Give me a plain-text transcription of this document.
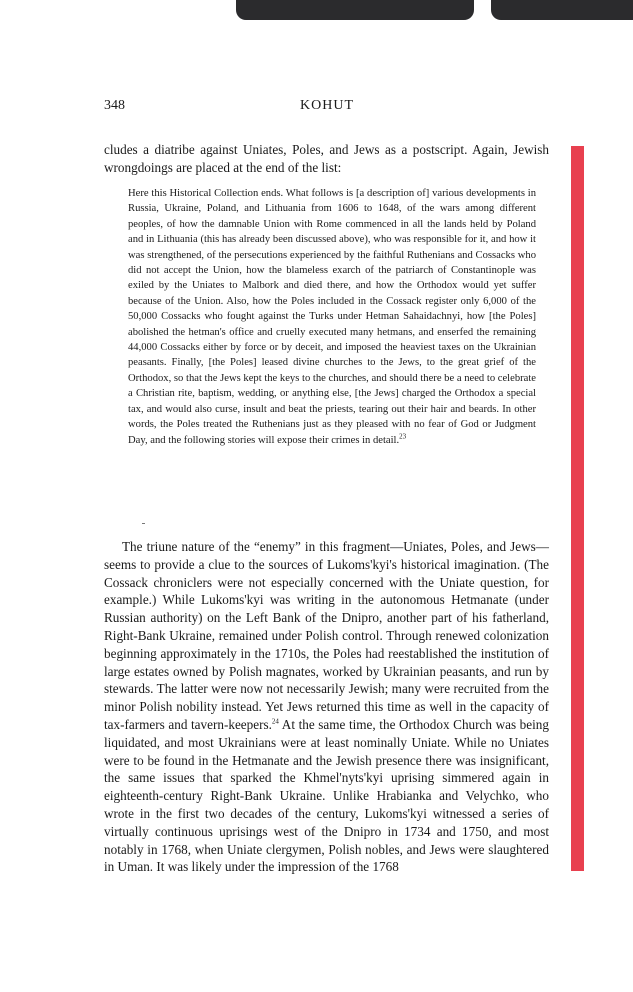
348	KOHUT

cludes a diatribe against Uniates, Poles, and Jews as a postscript. Again, Jewish wrongdoings are placed at the end of the list:

Here this Historical Collection ends. What follows is [a description of] various developments in Russia, Ukraine, Poland, and Lithuania from 1606 to 1648, of the wars among different peoples, of how the damnable Union with Rome commenced in all the lands held by Poland and in Lithuania (this has already been discussed above), who was responsible for it, and how it was strengthened, of the persecutions experienced by the faithful Ruthenians and Cossacks who did not accept the Union, how the blameless exarch of the patriarch of Constantinople was exiled by the Uniates to Malbork and died there, and how the Orthodox would yet suffer because of the Union. Also, how the Poles included in the Cossack register only 6,000 of the 50,000 Cossacks who fought against the Turks under Hetman Sahaidachnyi, how [the Poles] abolished the hetman's office and cruelly executed many hetmans, and enserfed the remaining 44,000 Cossacks either by force or by deceit, and imposed the heaviest taxes on the Ukrainian peasants. Finally, [the Poles] leased divine churches to the Jews, to the great grief of the Orthodox, so that the Jews kept the keys to the churches, and should there be a need to celebrate a Christian rite, baptism, wedding, or anything else, [the Jews] charged the Orthodox a special tax, and would also curse, insult and beat the priests, tearing out their hair and beards. In other words, the Poles treated the Ruthenians just as they pleased with no fear of God or Judgment Day, and the following stories will expose their crimes in detail.$^{23}$

The triune nature of the “enemy” in this fragment—Uniates, Poles, and Jews—seems to provide a clue to the sources of Lukoms'kyi's historical imagination. (The Cossack chroniclers were not especially concerned with the Uniate question, for example.) While Lukoms'kyi was writing in the autonomous Hetmanate (under Russian authority) on the Left Bank of the Dnipro, another part of his fatherland, Right-Bank Ukraine, remained under Polish control. Through renewed colonization beginning approximately in the 1710s, the Poles had reestablished the institution of large estates owned by Polish magnates, worked by Ukrainian peasants, and run by stewards. The latter were now not necessarily Jewish; many were recruited from the minor Polish nobility instead. Yet Jews returned this time as well in the capacity of tax-farmers and tavern-keepers.$^{24}$ At the same time, the Orthodox Church was being liquidated, and most Ukrainians were at least nominally Uniate. While no Uniates were to be found in the Hetmanate and the Jewish presence there was insignificant, the same issues that sparked the Khmel'nyts'kyi uprising simmered again in eighteenth-century Right-Bank Ukraine. Unlike Hrabianka and Velychko, who wrote in the first two decades of the century, Lukoms'kyi witnessed a series of virtually continuous uprisings west of the Dnipro in 1734 and 1750, and most notably in 1768, when Uniate clergymen, Polish nobles, and Jews were slaughtered in Uman. It was likely under the impression of the 1768
